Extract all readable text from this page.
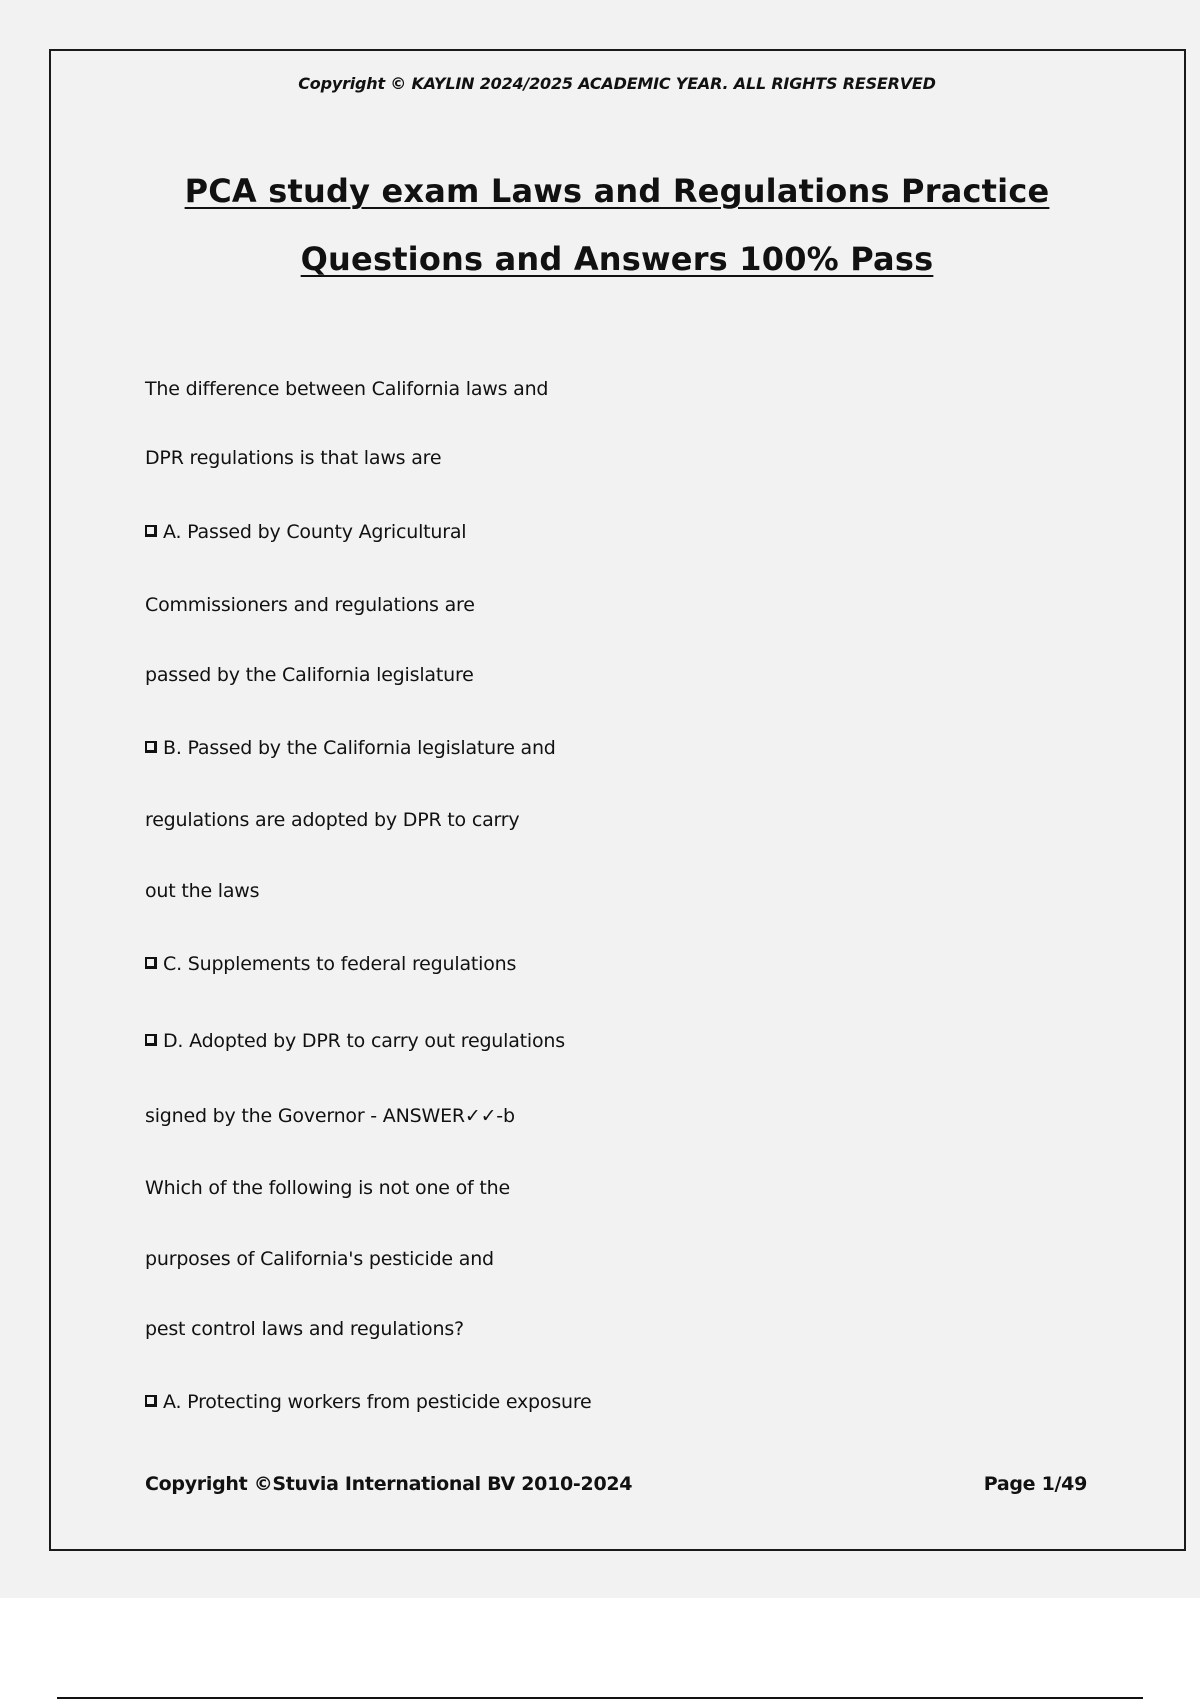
Copyright © KAYLIN 2024/2025 ACADEMIC YEAR. ALL RIGHTS RESERVED
PCA study exam Laws and Regulations Practice
Questions and Answers 100% Pass
The difference between California laws and
DPR regulations is that laws are
A. Passed by County Agricultural
Commissioners and regulations are
passed by the California legislature
B. Passed by the California legislature and
regulations are adopted by DPR to carry
out the laws
C. Supplements to federal regulations
D. Adopted by DPR to carry out regulations
signed by the Governor - ANSWER✓✓-b
Which of the following is not one of the
purposes of California's pesticide and
pest control laws and regulations?
A. Protecting workers from pesticide exposure
Copyright ©Stuvia International BV 2010-2024	Page 1/49
